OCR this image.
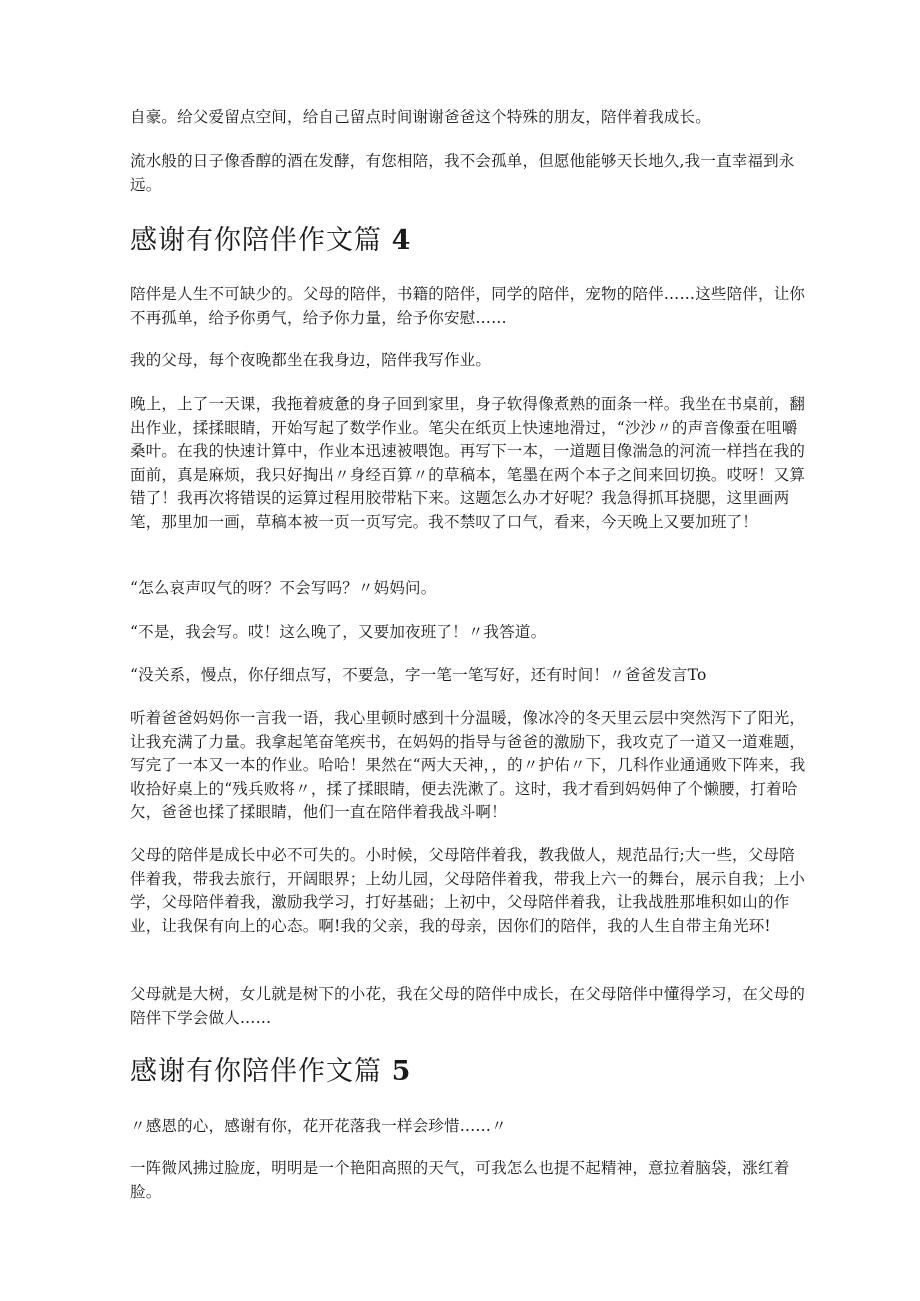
自豪。给父爱留点空间，给自己留点时间谢谢爸爸这个特殊的朋友，陪伴着我成长。

流水般的日子像香醇的酒在发酵，有您相陪，我不会孤单，但愿他能够天长地久,我一直幸福到永远。

感谢有你陪伴作文篇 4

陪伴是人生不可缺少的。父母的陪伴，书籍的陪伴，同学的陪伴，宠物的陪伴……这些陪伴，让你不再孤单，给予你勇气，给予你力量，给予你安慰……

我的父母，每个夜晚都坐在我身边，陪伴我写作业。

晚上，上了一天课，我拖着疲惫的身子回到家里，身子软得像煮熟的面条一样。我坐在书桌前，翻出作业，揉揉眼睛，开始写起了数学作业。笔尖在纸页上快速地滑过，“沙沙〃的声音像蚕在咀嚼桑叶。在我的快速计算中，作业本迅速被喂饱。再写下一本，一道题目像湍急的河流一样挡在我的面前，真是麻烦，我只好掏出〃身经百算〃的草稿本，笔墨在两个本子之间来回切换。哎呀！又算错了！我再次将错误的运算过程用胶带粘下来。这题怎么办才好呢？我急得抓耳挠腮，这里画两笔，那里加一画，草稿本被一页一页写完。我不禁叹了口气，看来，今天晚上又要加班了！

“怎么哀声叹气的呀？不会写吗？〃妈妈问。

“不是，我会写。哎！这么晚了，又要加夜班了！〃我答道。

“没关系，慢点，你仔细点写，不要急，字一笔一笔写好，还有时间！〃爸爸发言To

听着爸爸妈妈你一言我一语，我心里顿时感到十分温暖，像冰冷的冬天里云层中突然泻下了阳光，让我充满了力量。我拿起笔奋笔疾书，在妈妈的指导与爸爸的激励下，我攻克了一道又一道难题，写完了一本又一本的作业。哈哈！果然在“两大天神，，的〃护佑〃下，几科作业通通败下阵来，我收拾好桌上的“残兵败将〃，揉了揉眼睛，便去洗漱了。这时，我才看到妈妈伸了个懒腰，打着哈欠，爸爸也揉了揉眼睛，他们一直在陪伴着我战斗啊！

父母的陪伴是成长中必不可失的。小时候，父母陪伴着我，教我做人，规范品行;大一些，父母陪伴着我，带我去旅行，开阔眼界；上幼儿园，父母陪伴着我，带我上六一的舞台，展示自我；上小学，父母陪伴着我，激励我学习，打好基础；上初中，父母陪伴着我，让我战胜那堆积如山的作业，让我保有向上的心态。啊!我的父亲，我的母亲，因你们的陪伴，我的人生自带主角光环!

父母就是大树，女儿就是树下的小花，我在父母的陪伴中成长，在父母陪伴中懂得学习，在父母的陪伴下学会做人……

感谢有你陪伴作文篇 5

〃感恩的心，感谢有你，花开花落我一样会珍惜……〃

一阵微风拂过脸庞，明明是一个艳阳高照的天气，可我怎么也提不起精神，意拉着脑袋，涨红着脸。
